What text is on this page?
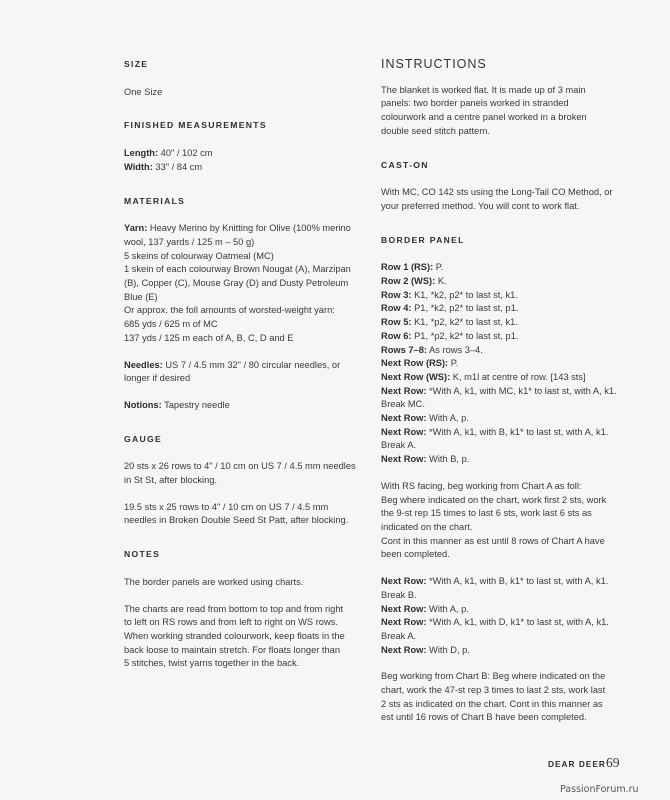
SIZE

One Size

FINISHED MEASUREMENTS

Length: 40" / 102 cm
Width: 33" / 84 cm

MATERIALS

Yarn: Heavy Merino by Knitting for Olive (100% merino
wool, 137 yards / 125 m – 50 g)
5 skeins of colourway Oatmeal (MC)
1 skein of each colourway Brown Nougat (A), Marzipan
(B), Copper (C), Mouse Gray (D) and Dusty Petroleum
Blue (E)
Or approx. the foll amounts of worsted-weight yarn:
685 yds / 625 m of MC
137 yds / 125 m each of A, B, C, D and E

Needles: US 7 / 4.5 mm 32" / 80 circular needles, or
longer if desired

Notions: Tapestry needle

GAUGE

20 sts x 26 rows to 4" / 10 cm on US 7 / 4.5 mm needles
in St St, after blocking.

19.5 sts x 25 rows to 4" / 10 cm on US 7 / 4.5 mm
needles in Broken Double Seed St Patt, after blocking.

NOTES

The border panels are worked using charts.

The charts are read from bottom to top and from right
to left on RS rows and from left to right on WS rows.
When working stranded colourwork, keep floats in the
back loose to maintain stretch. For floats longer than
5 stitches, twist yarns together in the back.

INSTRUCTIONS

The blanket is worked flat. It is made up of 3 main
panels: two border panels worked in stranded
colourwork and a centre panel worked in a broken
double seed stitch pattern.

CAST-ON

With MC, CO 142 sts using the Long-Tail CO Method, or
your preferred method. You will cont to work flat.

BORDER PANEL

Row 1 (RS): P.
Row 2 (WS): K.
Row 3: K1, *k2, p2* to last st, k1.
Row 4: P1, *k2, p2* to last st, p1.
Row 5: K1, *p2, k2* to last st, k1.
Row 6: P1, *p2, k2* to last st, p1.
Rows 7–8: As rows 3–4.
Next Row (RS): P.
Next Row (WS): K, m1l at centre of row. [143 sts]
Next Row: *With A, k1, with MC, k1* to last st, with A, k1.
Break MC.
Next Row: With A, p.
Next Row: *With A, k1, with B, k1* to last st, with A, k1.
Break A.
Next Row: With B, p.

With RS facing, beg working from Chart A as foll:
Beg where indicated on the chart, work first 2 sts, work
the 9-st rep 15 times to last 6 sts, work last 6 sts as
indicated on the chart.
Cont in this manner as est until 8 rows of Chart A have
been completed.

Next Row: *With A, k1, with B, k1* to last st, with A, k1.
Break B.
Next Row: With A, p.
Next Row: *With A, k1, with D, k1* to last st, with A, k1.
Break A.
Next Row: With D, p.

Beg working from Chart B: Beg where indicated on the
chart, work the 47-st rep 3 times to last 2 sts, work last
2 sts as indicated on the chart. Cont in this manner as
est until 16 rows of Chart B have been completed.

DEAR DEER 69
PassionForum.ru
